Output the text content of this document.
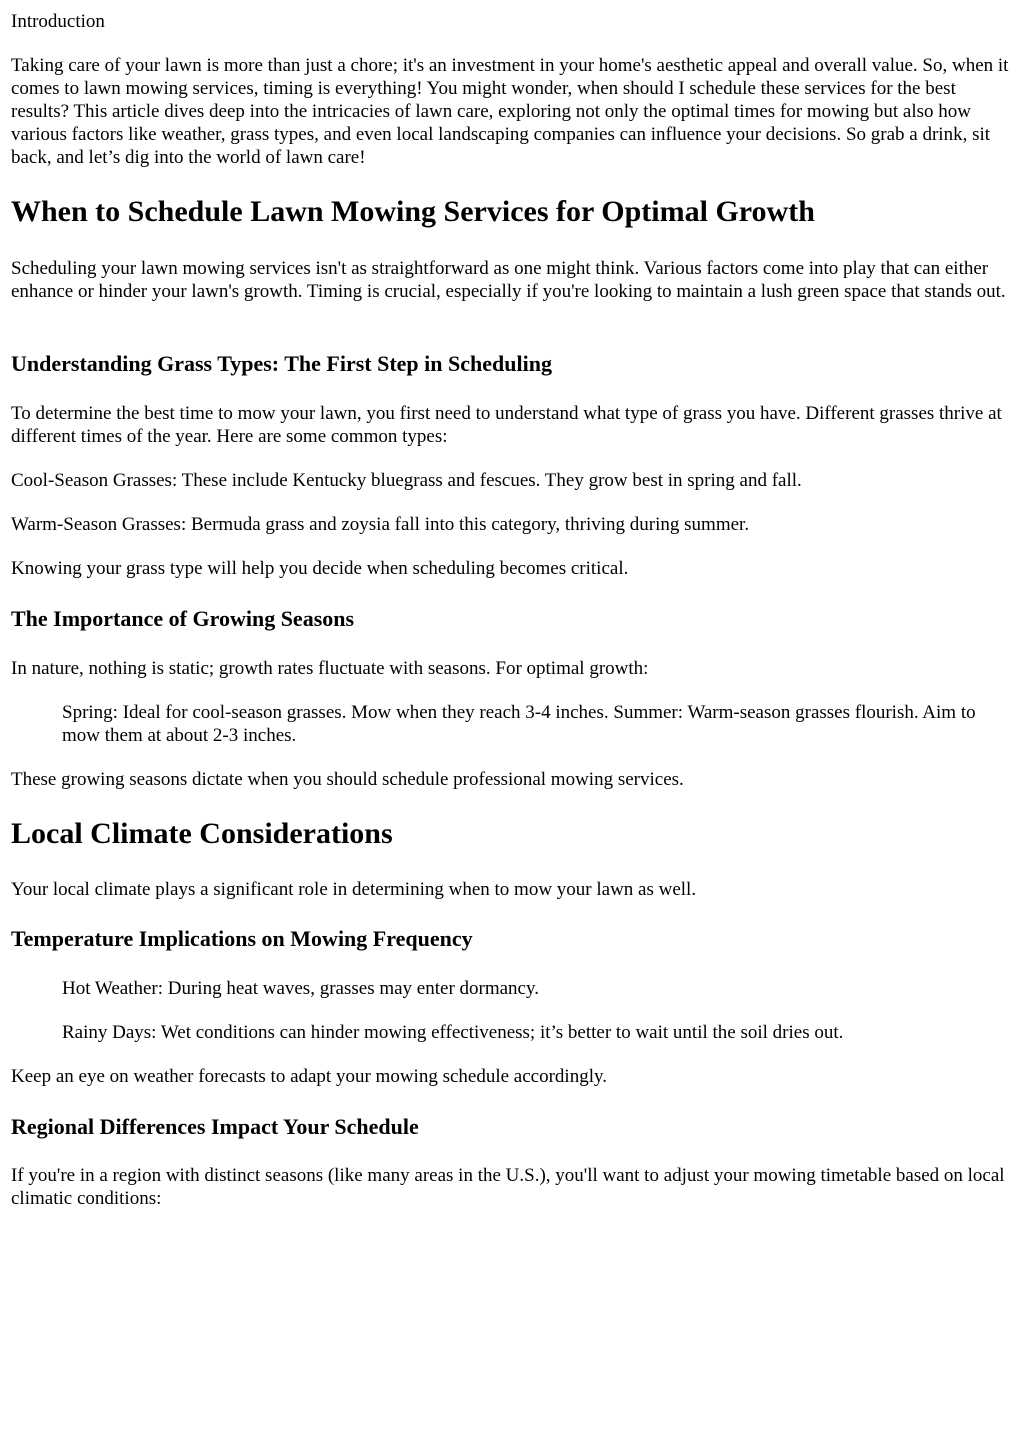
Introduction

Taking care of your lawn is more than just a chore; it's an investment in your home's aesthetic appeal and overall value. So, when it comes to lawn mowing services, timing is everything! You might wonder, when should I schedule these services for the best results? This article dives deep into the intricacies of lawn care, exploring not only the optimal times for mowing but also how various factors like weather, grass types, and even local landscaping companies can influence your decisions. So grab a drink, sit back, and let’s dig into the world of lawn care!

When to Schedule Lawn Mowing Services for Optimal Growth

Scheduling your lawn mowing services isn't as straightforward as one might think. Various factors come into play that can either enhance or hinder your lawn's growth. Timing is crucial, especially if you're looking to maintain a lush green space that stands out.

Understanding Grass Types: The First Step in Scheduling

To determine the best time to mow your lawn, you first need to understand what type of grass you have. Different grasses thrive at different times of the year. Here are some common types:

Cool-Season Grasses: These include Kentucky bluegrass and fescues. They grow best in spring and fall.

Warm-Season Grasses: Bermuda grass and zoysia fall into this category, thriving during summer.

Knowing your grass type will help you decide when scheduling becomes critical.

The Importance of Growing Seasons

In nature, nothing is static; growth rates fluctuate with seasons. For optimal growth:

Spring: Ideal for cool-season grasses. Mow when they reach 3-4 inches. Summer: Warm-season grasses flourish. Aim to mow them at about 2-3 inches.

These growing seasons dictate when you should schedule professional mowing services.

Local Climate Considerations

Your local climate plays a significant role in determining when to mow your lawn as well.

Temperature Implications on Mowing Frequency

Hot Weather: During heat waves, grasses may enter dormancy.

Rainy Days: Wet conditions can hinder mowing effectiveness; it’s better to wait until the soil dries out.

Keep an eye on weather forecasts to adapt your mowing schedule accordingly.

Regional Differences Impact Your Schedule

If you're in a region with distinct seasons (like many areas in the U.S.), you'll want to adjust your mowing timetable based on local climatic conditions:
